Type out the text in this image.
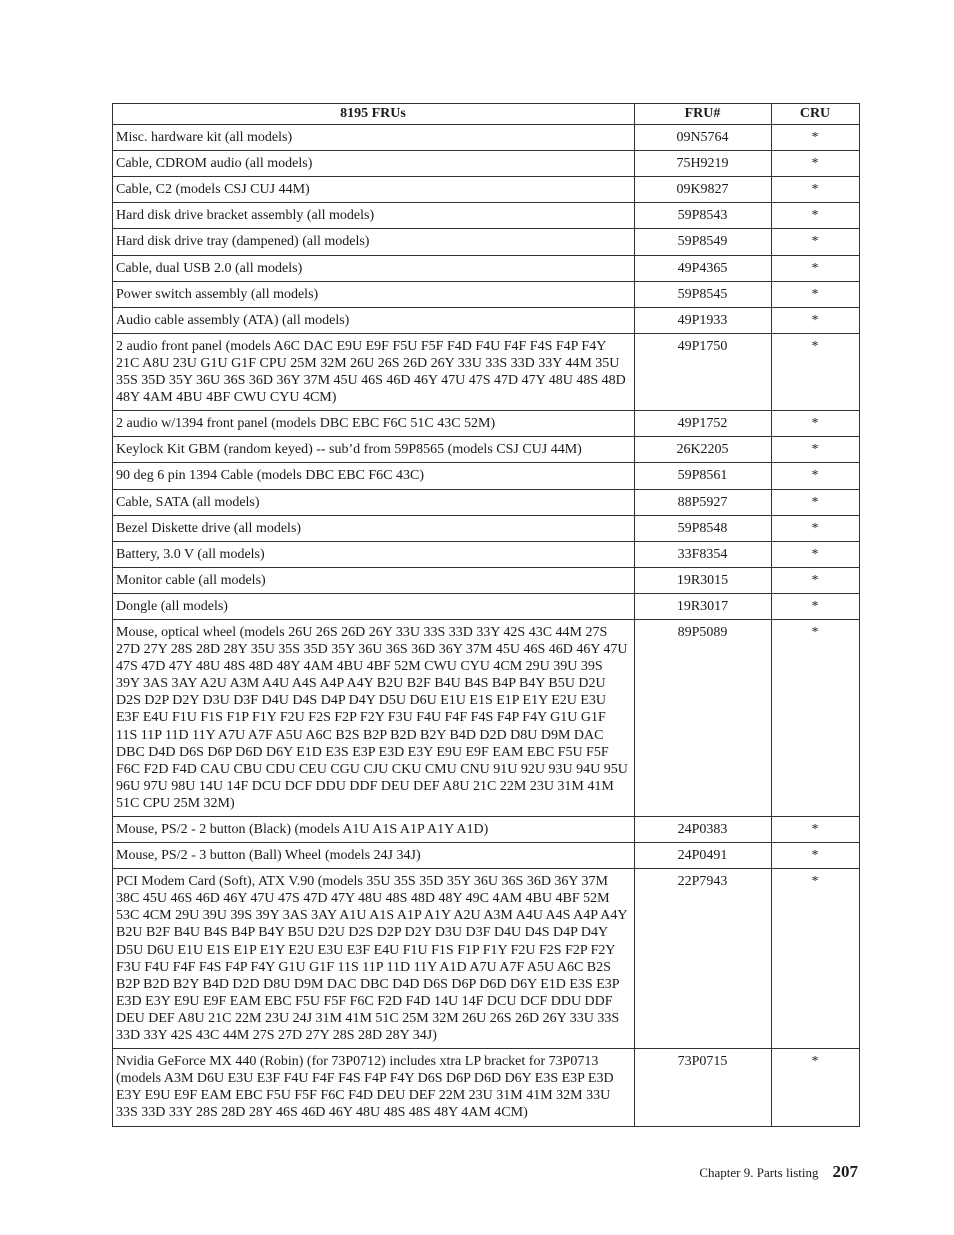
8195 FRUs	FRU#	CRU
Misc. hardware kit (all models)	09N5764	*
Cable, CDROM audio (all models)	75H9219	*
Cable, C2 (models CSJ CUJ 44M)	09K9827	*
Hard disk drive bracket assembly (all models)	59P8543	*
Hard disk drive tray (dampened) (all models)	59P8549	*
Cable, dual USB 2.0 (all models)	49P4365	*
Power switch assembly (all models)	59P8545	*
Audio cable assembly (ATA) (all models)	49P1933	*
2 audio front panel (models A6C DAC E9U E9F F5U F5F F4D F4U F4F F4S F4P F4Y 21C A8U 23U G1U G1F CPU 25M 32M 26U 26S 26D 26Y 33U 33S 33D 33Y 44M 35U 35S 35D 35Y 36U 36S 36D 36Y 37M 45U 46S 46D 46Y 47U 47S 47D 47Y 48U 48S 48D 48Y 4AM 4BU 4BF CWU CYU 4CM)	49P1750	*
2 audio w/1394 front panel (models DBC EBC F6C 51C 43C 52M)	49P1752	*
Keylock Kit GBM (random keyed) -- sub’d from 59P8565 (models CSJ CUJ 44M)	26K2205	*
90 deg 6 pin 1394 Cable (models DBC EBC F6C 43C)	59P8561	*
Cable, SATA (all models)	88P5927	*
Bezel Diskette drive (all models)	59P8548	*
Battery, 3.0 V (all models)	33F8354	*
Monitor cable (all models)	19R3015	*
Dongle (all models)	19R3017	*
Mouse, optical wheel (models 26U 26S 26D 26Y 33U 33S 33D 33Y 42S 43C 44M 27S 27D 27Y 28S 28D 28Y 35U 35S 35D 35Y 36U 36S 36D 36Y 37M 45U 46S 46D 46Y 47U 47S 47D 47Y 48U 48S 48D 48Y 4AM 4BU 4BF 52M CWU CYU 4CM 29U 39U 39S 39Y 3AS 3AY A2U A3M A4U A4S A4P A4Y B2U B2F B4U B4S B4P B4Y B5U D2U D2S D2P D2Y D3U D3F D4U D4S D4P D4Y D5U D6U E1U E1S E1P E1Y E2U E3U E3F E4U F1U F1S F1P F1Y F2U F2S F2P F2Y F3U F4U F4F F4S F4P F4Y G1U G1F 11S 11P 11D 11Y A7U A7F A5U A6C B2S B2P B2D B2Y B4D D2D D8U D9M DAC DBC D4D D6S D6P D6D D6Y E1D E3S E3P E3D E3Y E9U E9F EAM EBC F5U F5F F6C F2D F4D CAU CBU CDU CEU CGU CJU CKU CMU CNU 91U 92U 93U 94U 95U 96U 97U 98U 14U 14F DCU DCF DDU DDF DEU DEF A8U 21C 22M 23U 31M 41M 51C CPU 25M 32M)	89P5089	*
Mouse, PS/2 - 2 button (Black) (models A1U A1S A1P A1Y A1D)	24P0383	*
Mouse, PS/2 - 3 button (Ball) Wheel (models 24J 34J)	24P0491	*
PCI Modem Card (Soft), ATX V.90 (models 35U 35S 35D 35Y 36U 36S 36D 36Y 37M 38C 45U 46S 46D 46Y 47U 47S 47D 47Y 48U 48S 48D 48Y 49C 4AM 4BU 4BF 52M 53C 4CM 29U 39U 39S 39Y 3AS 3AY A1U A1S A1P A1Y A2U A3M A4U A4S A4P A4Y B2U B2F B4U B4S B4P B4Y B5U D2U D2S D2P D2Y D3U D3F D4U D4S D4P D4Y D5U D6U E1U E1S E1P E1Y E2U E3U E3F E4U F1U F1S F1P F1Y F2U F2S F2P F2Y F3U F4U F4F F4S F4P F4Y G1U G1F 11S 11P 11D 11Y A1D A7U A7F A5U A6C B2S B2P B2D B2Y B4D D2D D8U D9M DAC DBC D4D D6S D6P D6D D6Y E1D E3S E3P E3D E3Y E9U E9F EAM EBC F5U F5F F6C F2D F4D 14U 14F DCU DCF DDU DDF DEU DEF A8U 21C 22M 23U 24J 31M 41M 51C 25M 32M 26U 26S 26D 26Y 33U 33S 33D 33Y 42S 43C 44M 27S 27D 27Y 28S 28D 28Y 34J)	22P7943	*
Nvidia GeForce MX 440 (Robin) (for 73P0712) includes xtra LP bracket for 73P0713 (models A3M D6U E3U E3F F4U F4F F4S F4P F4Y D6S D6P D6D D6Y E3S E3P E3D E3Y E9U E9F EAM EBC F5U F5F F6C F4D DEU DEF 22M 23U 31M 41M 32M 33U 33S 33D 33Y 28S 28D 28Y 46S 46D 46Y 48U 48S 48S 48Y 4AM 4CM)	73P0715	*
Chapter 9. Parts listing 207
